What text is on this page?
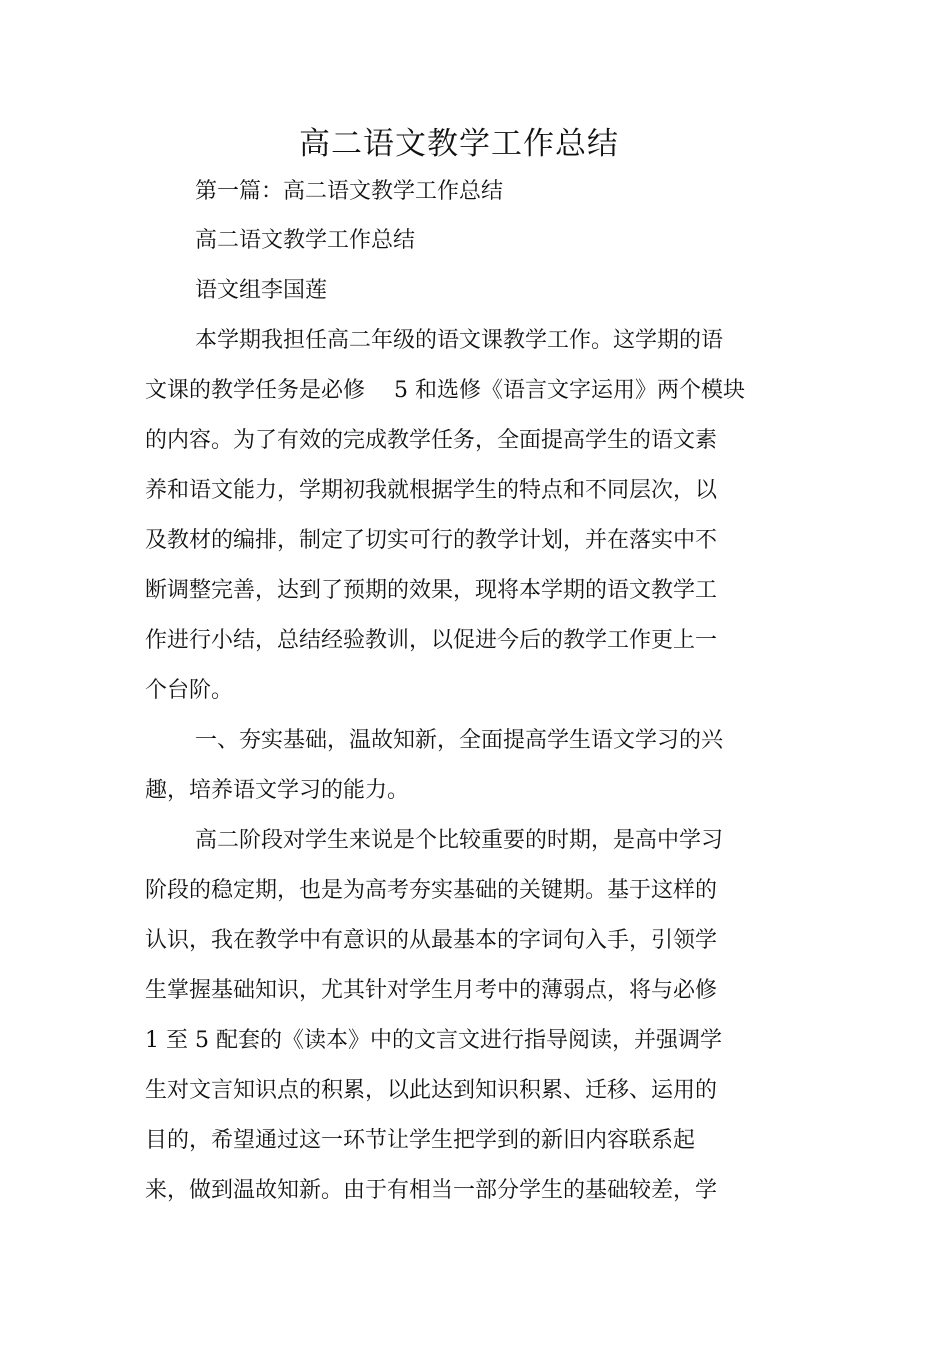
高二语文教学工作总结
第一篇：高二语文教学工作总结
高二语文教学工作总结
语文组李国莲
本学期我担任高二年级的语文课教学工作。这学期的语
文课的教学任务是必修　 5 和选修《语言文字运用》两个模块
的内容。为了有效的完成教学任务，全面提高学生的语文素
养和语文能力，学期初我就根据学生的特点和不同层次，以
及教材的编排，制定了切实可行的教学计划，并在落实中不
断调整完善，达到了预期的效果，现将本学期的语文教学工
作进行小结，总结经验教训，以促进今后的教学工作更上一
个台阶。
一、夯实基础，温故知新，全面提高学生语文学习的兴
趣，培养语文学习的能力。
高二阶段对学生来说是个比较重要的时期，是高中学习
阶段的稳定期，也是为高考夯实基础的关键期。基于这样的
认识，我在教学中有意识的从最基本的字词句入手，引领学
生掌握基础知识，尤其针对学生月考中的薄弱点，将与必修
1 至 5 配套的《读本》中的文言文进行指导阅读，并强调学
生对文言知识点的积累，以此达到知识积累、迁移、运用的
目的，希望通过这一环节让学生把学到的新旧内容联系起
来，做到温故知新。由于有相当一部分学生的基础较差，学
